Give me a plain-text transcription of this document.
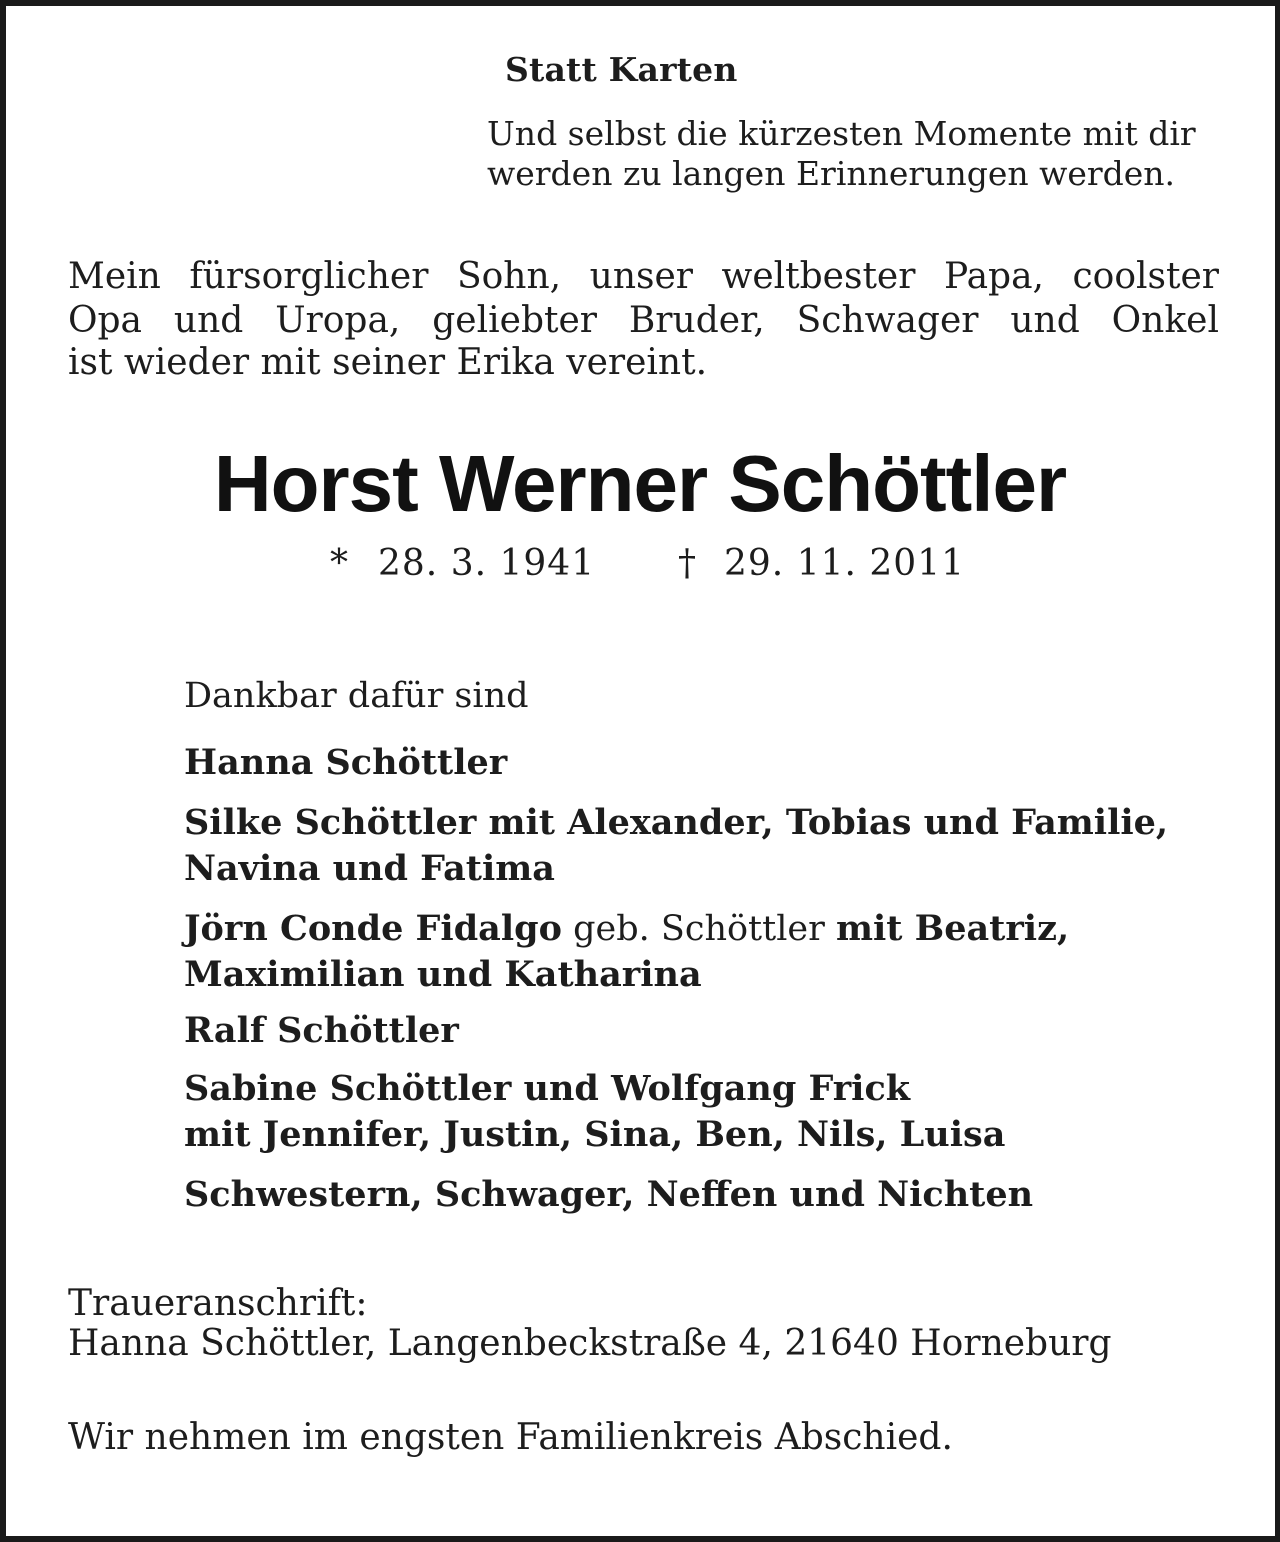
Statt Karten
Und selbst die kürzesten Momente mit dir
werden zu langen Erinnerungen werden.
Mein fürsorglicher Sohn, unser weltbester Papa, coolster
Opa und Uropa, geliebter Bruder, Schwager und Onkel
ist wieder mit seiner Erika vereint.
Horst Werner Schöttler
* 28. 3. 1941 † 29. 11. 2011
Dankbar dafür sind
Hanna Schöttler
Silke Schöttler mit Alexander, Tobias und Familie,
Navina und Fatima
Jörn Conde Fidalgo geb. Schöttler mit Beatriz,
Maximilian und Katharina
Ralf Schöttler
Sabine Schöttler und Wolfgang Frick
mit Jennifer, Justin, Sina, Ben, Nils, Luisa
Schwestern, Schwager, Neffen und Nichten
Traueranschrift:
Hanna Schöttler, Langenbeckstraße 4, 21640 Horneburg
Wir nehmen im engsten Familienkreis Abschied.
